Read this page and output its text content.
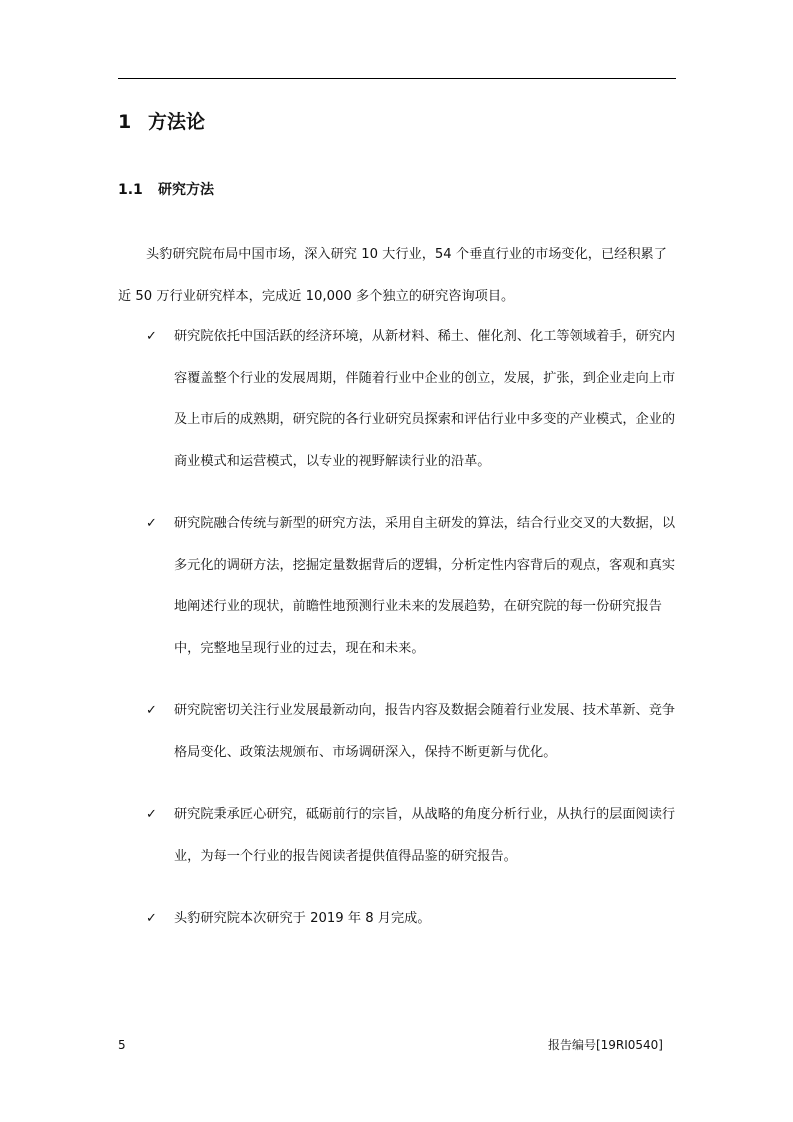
1 方法论
1.1 研究方法

头豹研究院布局中国市场，深入研究 10 大行业，54 个垂直行业的市场变化，已经积累了近 50 万行业研究样本，完成近 10,000 多个独立的研究咨询项目。

✓	研究院依托中国活跃的经济环境，从新材料、稀土、催化剂、化工等领域着手，研究内容覆盖整个行业的发展周期，伴随着行业中企业的创立，发展，扩张，到企业走向上市及上市后的成熟期，研究院的各行业研究员探索和评估行业中多变的产业模式，企业的商业模式和运营模式，以专业的视野解读行业的沿革。
✓	研究院融合传统与新型的研究方法，采用自主研发的算法，结合行业交叉的大数据，以多元化的调研方法，挖掘定量数据背后的逻辑，分析定性内容背后的观点，客观和真实地阐述行业的现状，前瞻性地预测行业未来的发展趋势，在研究院的每一份研究报告中，完整地呈现行业的过去，现在和未来。
✓	研究院密切关注行业发展最新动向，报告内容及数据会随着行业发展、技术革新、竞争格局变化、政策法规颁布、市场调研深入，保持不断更新与优化。
✓	研究院秉承匠心研究，砥砺前行的宗旨，从战略的角度分析行业，从执行的层面阅读行业，为每一个行业的报告阅读者提供值得品鉴的研究报告。
✓	头豹研究院本次研究于 2019 年 8 月完成。
5	报告编号[19RI0540]
